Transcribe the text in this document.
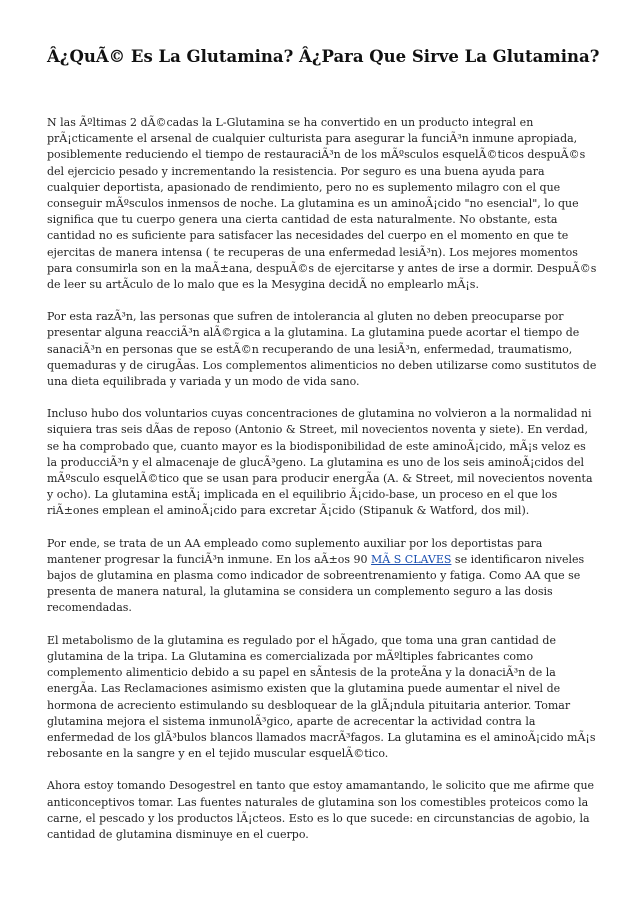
Â¿QuÃ© Es La Glutamina? Â¿Para Que Sirve La Glutamina?

N las Ãºltimas 2 dÃ©cadas la L-Glutamina se ha convertido en un producto integral en prÃ¡cticamente el arsenal de cualquier culturista para asegurar la funciÃ³n inmune apropiada, posiblemente reduciendo el tiempo de restauraciÃ³n de los mÃºsculos esquelÃ©ticos despuÃ©s del ejercicio pesado y incrementando la resistencia. Por seguro es una buena ayuda para cualquier deportista, apasionado de rendimiento, pero no es suplemento milagro con el que conseguir mÃºsculos inmensos de noche. La glutamina es un aminoÃ¡cido "no esencial", lo que significa que tu cuerpo genera una cierta cantidad de esta naturalmente. No obstante, esta cantidad no es suficiente para satisfacer las necesidades del cuerpo en el momento en que te ejercitas de manera intensa ( te recuperas de una enfermedad lesiÃ³n). Los mejores momentos para consumirla son en la maÃ±ana, despuÃ©s de ejercitarse y antes de irse a dormir. DespuÃ©s de leer su artÃculo de lo malo que es la Mesygina decidÃ no emplearlo mÃ¡s.

Por esta razÃ³n, las personas que sufren de intolerancia al gluten no deben preocuparse por presentar alguna reacciÃ³n alÃ©rgica a la glutamina. La glutamina puede acortar el tiempo de sanaciÃ³n en personas que se estÃ©n recuperando de una lesiÃ³n, enfermedad, traumatismo, quemaduras y de cirugÃas. Los complementos alimenticios no deben utilizarse como sustitutos de una dieta equilibrada y variada y un modo de vida sano.

Incluso hubo dos voluntarios cuyas concentraciones de glutamina no volvieron a la normalidad ni siquiera tras seis dÃas de reposo (Antonio & Street, mil novecientos noventa y siete). En verdad, se ha comprobado que, cuanto mayor es la biodisponibilidad de este aminoÃ¡cido, mÃ¡s veloz es la producciÃ³n y el almacenaje de glucÃ³geno. La glutamina es uno de los seis aminoÃ¡cidos del mÃºsculo esquelÃ©tico que se usan para producir energÃa (A. & Street, mil novecientos noventa y ocho). La glutamina estÃ¡ implicada en el equilibrio Ã¡cido-base, un proceso en el que los riÃ±ones emplean el aminoÃ¡cido para excretar Ã¡cido (Stipanuk & Watford, dos mil).

Por ende, se trata de un AA empleado como suplemento auxiliar por los deportistas para mantener progresar la funciÃ³n inmune. En los aÃ±os 90 MÃ S CLAVES se identificaron niveles bajos de glutamina en plasma como indicador de sobreentrenamiento y fatiga. Como AA que se presenta de manera natural, la glutamina se considera un complemento seguro a las dosis recomendadas.

El metabolismo de la glutamina es regulado por el hÃgado, que toma una gran cantidad de glutamina de la tripa. La Glutamina es comercializada por mÃºltiples fabricantes como complemento alimenticio debido a su papel en sÃntesis de la proteÃna y la donaciÃ³n de la energÃa. Las Reclamaciones asimismo existen que la glutamina puede aumentar el nivel de hormona de acreciento estimulando su desbloquear de la glÃ¡ndula pituitaria anterior. Tomar glutamina mejora el sistema inmunolÃ³gico, aparte de acrecentar la actividad contra la enfermedad de los glÃ³bulos blancos llamados macrÃ³fagos. La glutamina es el aminoÃ¡cido mÃ¡s rebosante en la sangre y en el tejido muscular esquelÃ©tico.

Ahora estoy tomando Desogestrel en tanto que estoy amamantando, le solicito que me afirme que anticonceptivos tomar. Las fuentes naturales de glutamina son los comestibles proteicos como la carne, el pescado y los productos lÃ¡cteos. Esto es lo que sucede: en circunstancias de agobio, la cantidad de glutamina disminuye en el cuerpo.
